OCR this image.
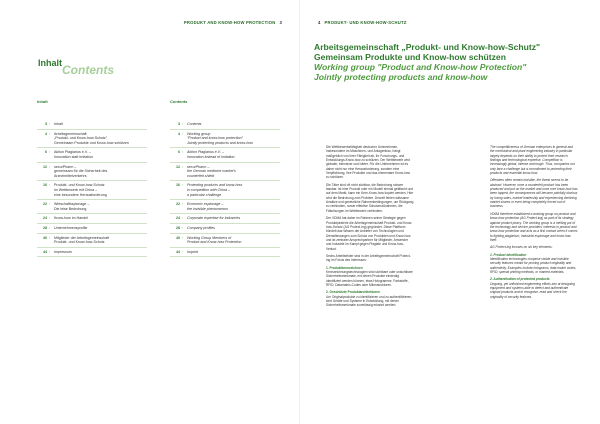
PRODUKT AND KNOW-HOW PROTECTION 3
Inhalt Contents
Inhalt	Contents
3 ›	Inhalt
4 ›	Arbeitsgemeinschaft
„Produkt- und Know-how-Schutz"
Gemeinsam Produkte und Know-how schützen
6 ›	Aktion Plagiarius e.V. –
Innovation statt Imitation
12 ›	securPharm –
gemeinsam für die Sicherheit des
Arzneimittelverkehrs
16 ›	Produkt- und Know-how-Schutz
im Wettbewerb mit China –
eine besondere Herausforderung
22 ›	Wirtschaftsspionage –
Die leise Bedrohung
24 ›	Know-how im Handel
28 ›	Unternehmensprofile
40 ›	Mitglieder der Arbeitsgemeinschaft
Produkt- und Know-how-Schutz
44 ›	Impressum
3 ›	Contents
4 ›	Working group
"Product and know-how protection"
Jointly protecting products and know-how
6 ›	Aktion Plagiarius e.V. –
Innovation instead of imitation
12 ›	securPharm –
the German medicine market's
counterfeit shield
16 ›	Protecting products and know-how
in competition with China –
a particular challenge
22 ›	Economic espionage –
the invisible phenomenon
24 ›	Corporate expertise for industries
28 ›	Company profiles
40 ›	Working Group Members of
Product and Know-how Protection
44 ›	Imprint
4 PRODUKT- UND KNOW-HOW-SCHUTZ
Arbeitsgemeinschaft „Produkt- und Know-how-Schutz"
Gemeinsam Produkte und Know-how schützen
Working group "Product and Know-how Protection"
Jointly protecting products and know-how

Die Wettbewerbsfähigkeit deutscher Unternehmen, insbesondere im Maschinen- und Anlagenbau, hängt maßgeblich von ihrer Fähigkeit ab, ihr Forschungs- und Entwicklungs-Know-how zu schützen. Der Wettbewerb wird globaler, intensiver und härter. Für die Unternehmen ist es daher nicht nur eine Herausforderung, sondern eine Verpflichtung, ihre Produkte und das elementare Know-how zu schützen.

Die Täter sind oft nicht sichtbar, die Bedrohung schwer fassbar. Ist eine Produkt oder ein Modell einmal gefälscht und auf dem Markt, kann ein Kern-Know-how kopiert werden. Hier wird die Bedrohung zum Problem. Derzeit fehlen wirksame Ansätze und gesetzliche Rahmenbedingungen, um Rückgang zu verhindern, sowie effektive Schutzmaßnahmen, die Fälschungen im Wettbewerb verhindern.

Der VDMA hat daher im Rahmen seiner Strategie gegen Produktpiraterie die Arbeitsgemeinschaft Produkt- und Know-how-Schutz (AG Protect-ing) gegründet. Diese Plattform bündelt das Wissen der Anbieter von Technologien und Dienstleistungen zum Schutz von Produkten und Know-how und ist zentraler Ansprechpartner für Mitglieder, Anwender und Industrie im Kampf gegen Plagiate und Know-how-Verlust.

Sechs Arbeitsfelder sind in der Arbeitsgemeinschaft Protect-ing im Fokus des Interesses:

1. Produktkennzeichnen

Kennzeichnungstechnologien sind sichtbare oder unsichtbare Sicherheitsmerkmale, mit denen Produkte eindeutig identifiziert werden können, etwa Hologramme, Farbstoffe, RFID, Datamatrix-Codes oder Mikrostrukturen.

2. Geschützte Produktarchitekturen

Um Originalprodukte zu identifizieren und zu authentifizieren, sind Geräte und Systeme in Entwicklung, mit denen Sicherheitsmerkmale zuverlässig erkannt werden.

The competitiveness of German enterprises in general and the mechanical and plant engineering industry in particular largely depends on their ability to protect their research findings and technological expertise. Competition is increasingly global, intense and tough. Thus, companies not only face a challenge but a commitment to protecting their products and essential know-how.

Offenders often remain invisible, the threat seems to be abstract. However, once a counterfeit product has been produced and put on the market and once core know-how has been tapped, the consequences will become painfully obvious by losing sales, market leadership and experiencing declining market shares or even being completely forced out of business.

VDMA therefore established a working group on product and know-how protection (AG Protect-ing) as part of its strategy against product piracy. The working group is a melting pot of the technology and service providers' interests in product and know-how protection and acts as a first contact when it comes to fighting plagiarism, industrial espionage and know-how theft.

AG Protect-ing focuses on six key elements:

1. Product identification

Identification technologies comprise visible and invisible security features meant for proving product originality and authenticity. Examples include holograms, data matrix codes, RFID, special printing methods, or marked materials.

2. Authentication of protected products

Ongoing, yet unfinished engineering efforts aim at designing equipment and systems able to detect and authenticate original products and to recognise, read and check the originality of security features.
